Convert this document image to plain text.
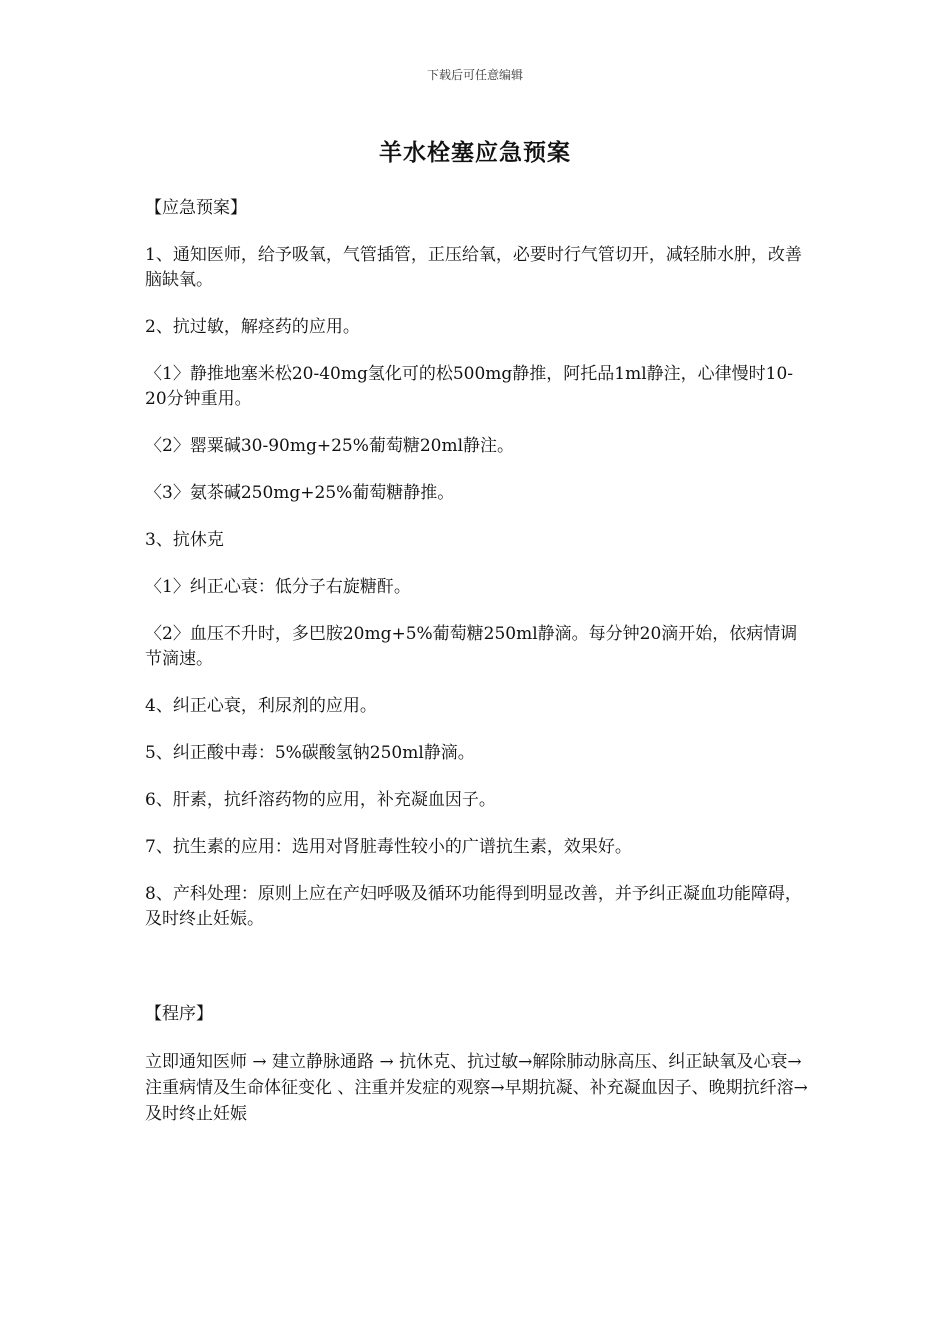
下载后可任意编辑
羊水栓塞应急预案
【应急预案】
1、通知医师，给予吸氧，气管插管，正压给氧，必要时行气管切开，减轻肺水肿，改善脑缺氧。
2、抗过敏，解痉药的应用。
〈1〉静推地塞米松20-40mg氢化可的松500mg静推，阿托品1ml静注，心律慢时10-20分钟重用。
〈2〉罂粟碱30-90mg+25%葡萄糖20ml静注。
〈3〉氨茶碱250mg+25%葡萄糖静推。
3、抗休克
〈1〉纠正心衰：低分子右旋糖酐。
〈2〉血压不升时，多巴胺20mg+5%葡萄糖250ml静滴。每分钟20滴开始，依病情调节滴速。
4、纠正心衰，利尿剂的应用。
5、纠正酸中毒：5%碳酸氢钠250ml静滴。
6、肝素，抗纤溶药物的应用，补充凝血因子。
7、抗生素的应用：选用对肾脏毒性较小的广谱抗生素，效果好。
8、产科处理：原则上应在产妇呼吸及循环功能得到明显改善，并予纠正凝血功能障碍，及时终止妊娠。
【程序】
立即通知医师 → 建立静脉通路 → 抗休克、抗过敏→解除肺动脉高压、纠正缺氧及心衰→ 注重病情及生命体征变化 、注重并发症的观察→早期抗凝、补充凝血因子、晚期抗纤溶→及时终止妊娠
